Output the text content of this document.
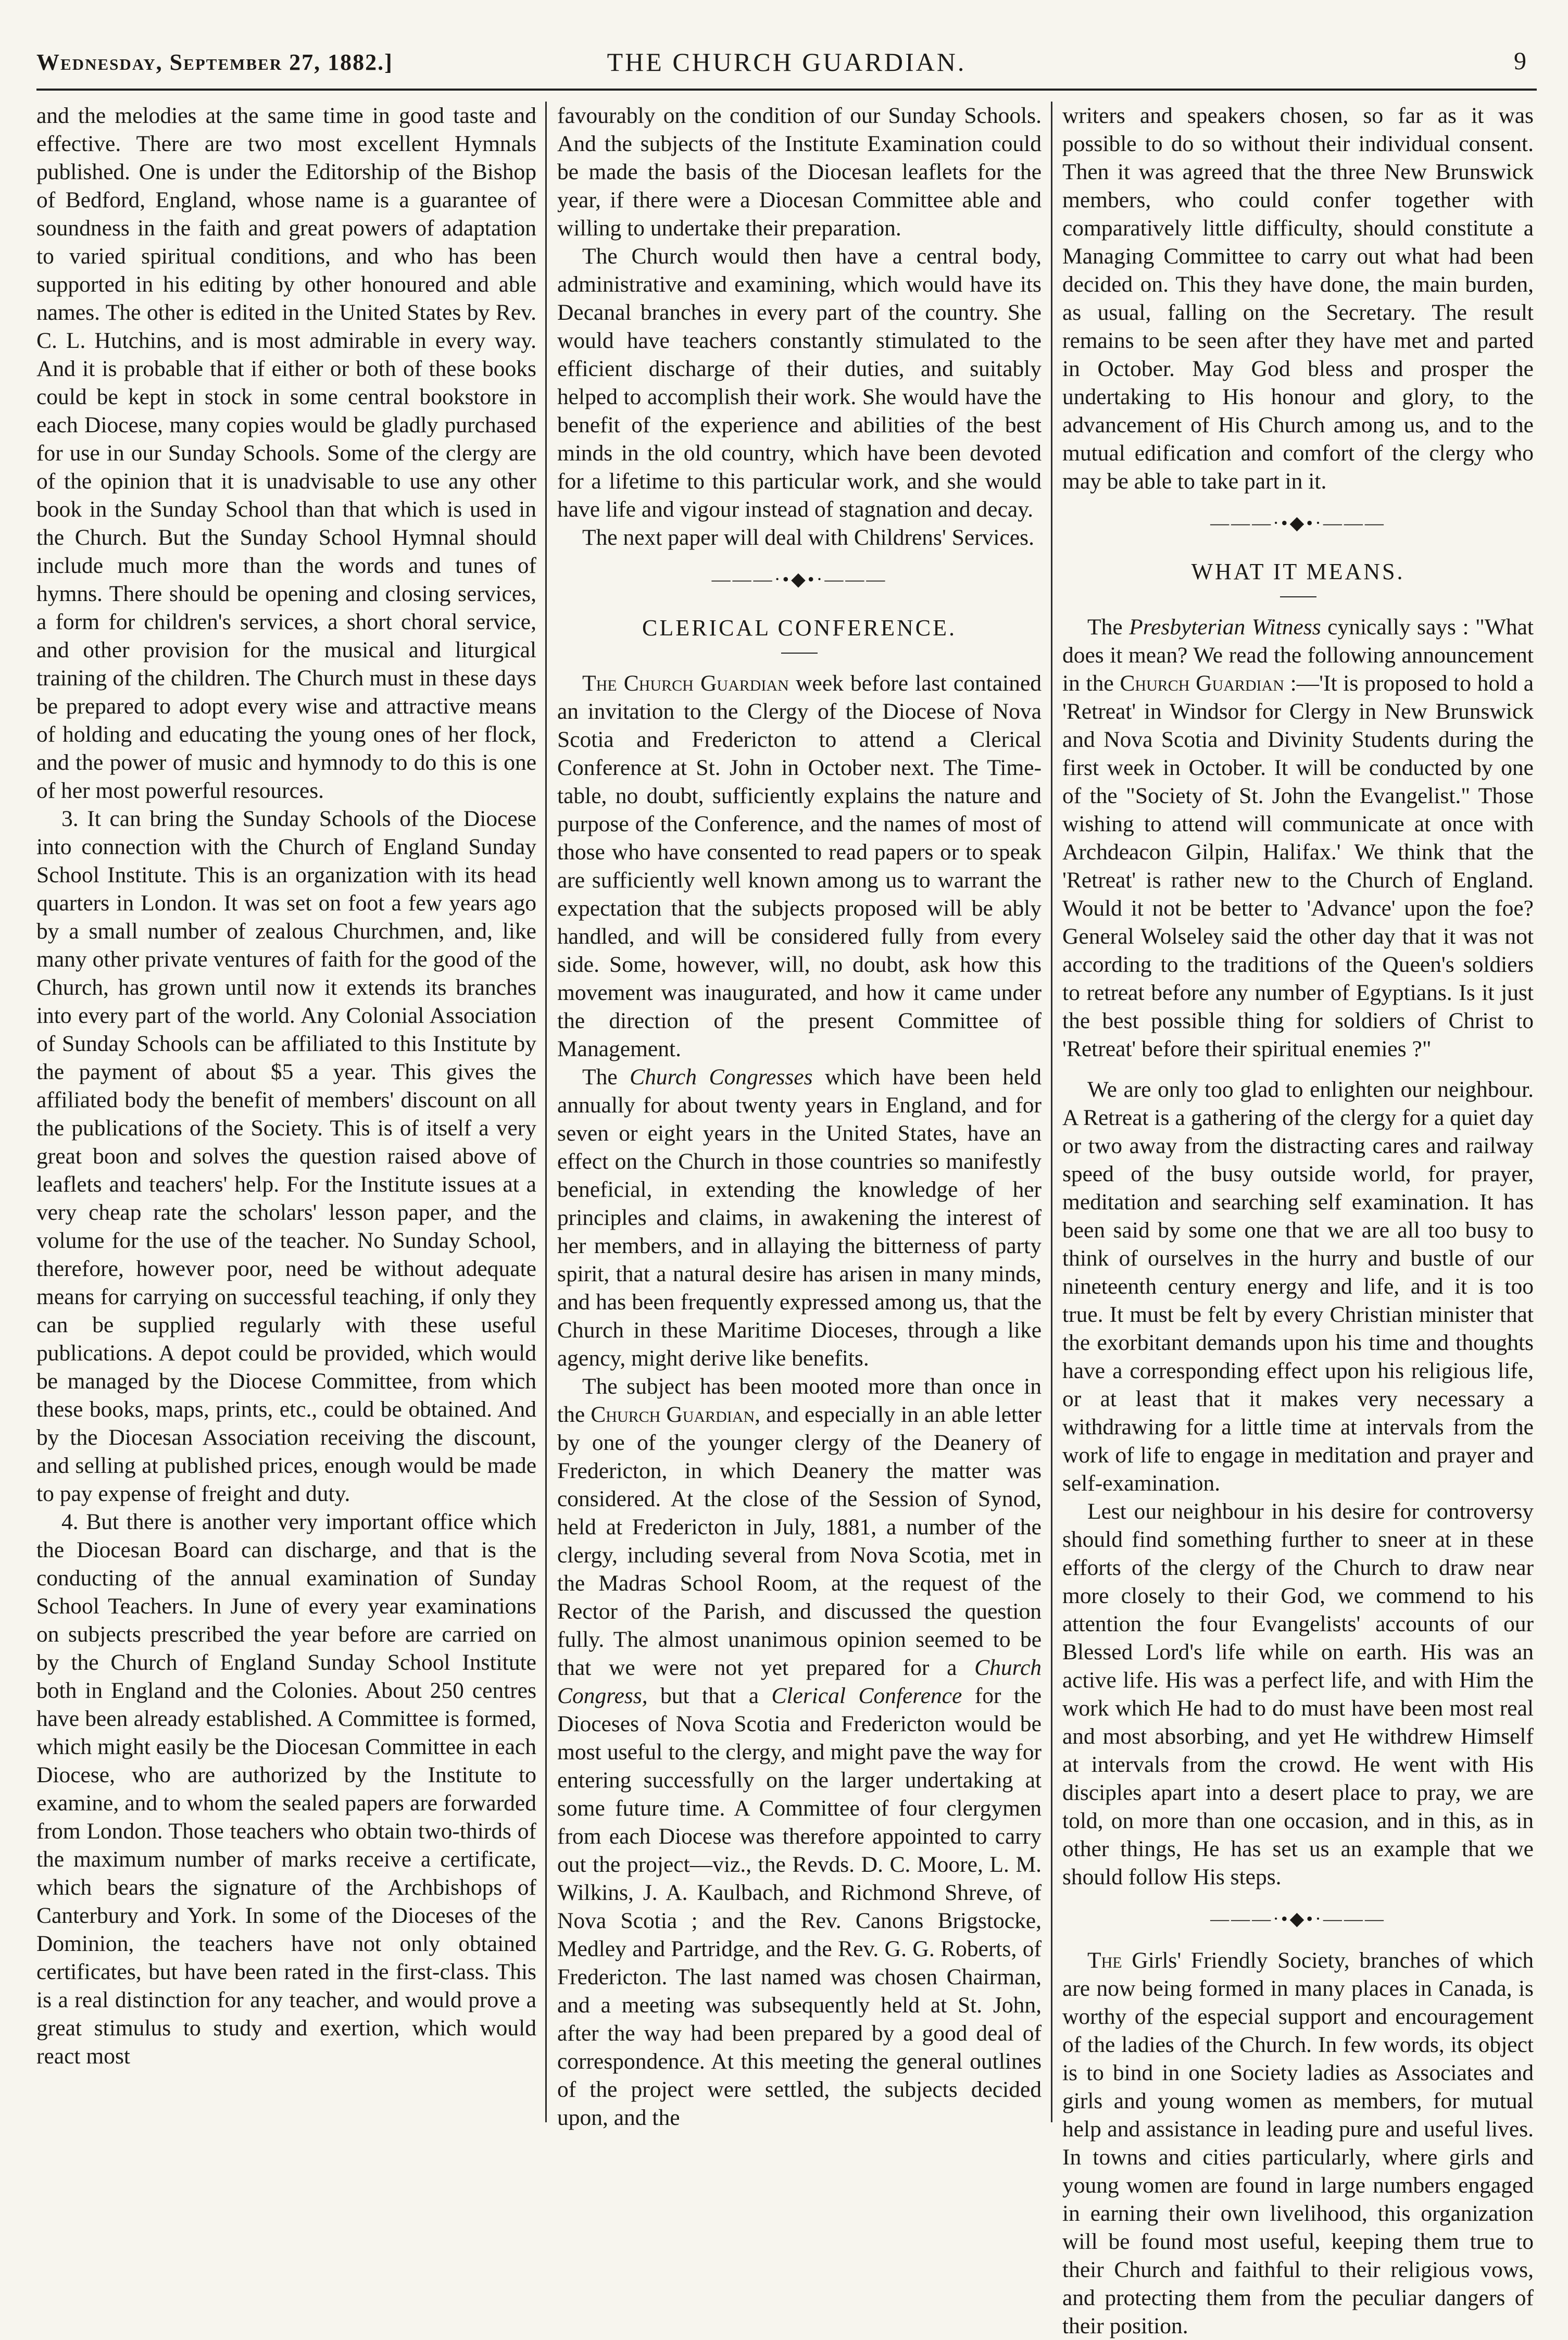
Wednesday, September 27, 1882.]	THE CHURCH GUARDIAN.	9

and the melodies at the same time in good taste and effective. There are two most excellent Hymnals published. One is under the Editorship of the Bishop of Bedford, England, whose name is a guarantee of soundness in the faith and great powers of adaptation to varied spiritual conditions, and who has been supported in his editing by other honoured and able names. The other is edited in the United States by Rev. C. L. Hutchins, and is most admirable in every way. And it is probable that if either or both of these books could be kept in stock in some central bookstore in each Diocese, many copies would be gladly purchased for use in our Sunday Schools. Some of the clergy are of the opinion that it is unadvisable to use any other book in the Sunday School than that which is used in the Church. But the Sunday School Hymnal should include much more than the words and tunes of hymns. There should be opening and closing services, a form for children's services, a short choral service, and other provision for the musical and liturgical training of the children. The Church must in these days be prepared to adopt every wise and attractive means of holding and educating the young ones of her flock, and the power of music and hymnody to do this is one of her most powerful resources.

3. It can bring the Sunday Schools of the Diocese into connection with the Church of England Sunday School Institute. This is an organization with its head quarters in London. It was set on foot a few years ago by a small number of zealous Churchmen, and, like many other private ventures of faith for the good of the Church, has grown until now it extends its branches into every part of the world. Any Colonial Association of Sunday Schools can be affiliated to this Institute by the payment of about $5 a year. This gives the affiliated body the benefit of members' discount on all the publications of the Society. This is of itself a very great boon and solves the question raised above of leaflets and teachers' help. For the Institute issues at a very cheap rate the scholars' lesson paper, and the volume for the use of the teacher. No Sunday School, therefore, however poor, need be without adequate means for carrying on successful teaching, if only they can be supplied regularly with these useful publications. A depot could be provided, which would be managed by the Diocese Committee, from which these books, maps, prints, etc., could be obtained. And by the Diocesan Association receiving the discount, and selling at published prices, enough would be made to pay expense of freight and duty.

4. But there is another very important office which the Diocesan Board can discharge, and that is the conducting of the annual examination of Sunday School Teachers. In June of every year examinations on subjects prescribed the year before are carried on by the Church of England Sunday School Institute both in England and the Colonies. About 250 centres have been already established. A Committee is formed, which might easily be the Diocesan Committee in each Diocese, who are authorized by the Institute to examine, and to whom the sealed papers are forwarded from London. Those teachers who obtain two-thirds of the maximum number of marks receive a certificate, which bears the signature of the Archbishops of Canterbury and York. In some of the Dioceses of the Dominion, the teachers have not only obtained certificates, but have been rated in the first-class. This is a real distinction for any teacher, and would prove a great stimulus to study and exertion, which would react most

favourably on the condition of our Sunday Schools. And the subjects of the Institute Examination could be made the basis of the Diocesan leaflets for the year, if there were a Diocesan Committee able and willing to undertake their preparation.

The Church would then have a central body, administrative and examining, which would have its Decanal branches in every part of the country. She would have teachers constantly stimulated to the efficient discharge of their duties, and suitably helped to accomplish their work. She would have the benefit of the experience and abilities of the best minds in the old country, which have been devoted for a lifetime to this particular work, and she would have life and vigour instead of stagnation and decay.

The next paper will deal with Childrens' Services.

———·•◆•·———
CLERICAL CONFERENCE.

The Church Guardian week before last contained an invitation to the Clergy of the Diocese of Nova Scotia and Fredericton to attend a Clerical Conference at St. John in October next. The Time-table, no doubt, sufficiently explains the nature and purpose of the Conference, and the names of most of those who have consented to read papers or to speak are sufficiently well known among us to warrant the expectation that the subjects proposed will be ably handled, and will be considered fully from every side. Some, however, will, no doubt, ask how this movement was inaugurated, and how it came under the direction of the present Committee of Management.

The Church Congresses which have been held annually for about twenty years in England, and for seven or eight years in the United States, have an effect on the Church in those countries so manifestly beneficial, in extending the knowledge of her principles and claims, in awakening the interest of her members, and in allaying the bitterness of party spirit, that a natural desire has arisen in many minds, and has been frequently expressed among us, that the Church in these Maritime Dioceses, through a like agency, might derive like benefits.

The subject has been mooted more than once in the Church Guardian, and especially in an able letter by one of the younger clergy of the Deanery of Fredericton, in which Deanery the matter was considered. At the close of the Session of Synod, held at Fredericton in July, 1881, a number of the clergy, including several from Nova Scotia, met in the Madras School Room, at the request of the Rector of the Parish, and discussed the question fully. The almost unanimous opinion seemed to be that we were not yet prepared for a Church Congress, but that a Clerical Conference for the Dioceses of Nova Scotia and Fredericton would be most useful to the clergy, and might pave the way for entering successfully on the larger undertaking at some future time. A Committee of four clergymen from each Diocese was therefore appointed to carry out the project—viz., the Revds. D. C. Moore, L. M. Wilkins, J. A. Kaulbach, and Richmond Shreve, of Nova Scotia ; and the Rev. Canons Brigstocke, Medley and Partridge, and the Rev. G. G. Roberts, of Fredericton. The last named was chosen Chairman, and a meeting was subsequently held at St. John, after the way had been prepared by a good deal of correspondence. At this meeting the general outlines of the project were settled, the subjects decided upon, and the

writers and speakers chosen, so far as it was possible to do so without their individual consent. Then it was agreed that the three New Brunswick members, who could confer together with comparatively little difficulty, should constitute a Managing Committee to carry out what had been decided on. This they have done, the main burden, as usual, falling on the Secretary. The result remains to be seen after they have met and parted in October. May God bless and prosper the undertaking to His honour and glory, to the advancement of His Church among us, and to the mutual edification and comfort of the clergy who may be able to take part in it.

———·•◆•·———
WHAT IT MEANS.

The Presbyterian Witness cynically says : "What does it mean? We read the following announcement in the Church Guardian :—'It is proposed to hold a 'Retreat' in Windsor for Clergy in New Brunswick and Nova Scotia and Divinity Students during the first week in October. It will be conducted by one of the "Society of St. John the Evangelist." Those wishing to attend will communicate at once with Archdeacon Gilpin, Halifax.' We think that the 'Retreat' is rather new to the Church of England. Would it not be better to 'Advance' upon the foe? General Wolseley said the other day that it was not according to the traditions of the Queen's soldiers to retreat before any number of Egyptians. Is it just the best possible thing for soldiers of Christ to 'Retreat' before their spiritual enemies ?"

We are only too glad to enlighten our neighbour. A Retreat is a gathering of the clergy for a quiet day or two away from the distracting cares and railway speed of the busy outside world, for prayer, meditation and searching self examination. It has been said by some one that we are all too busy to think of ourselves in the hurry and bustle of our nineteenth century energy and life, and it is too true. It must be felt by every Christian minister that the exorbitant demands upon his time and thoughts have a corresponding effect upon his religious life, or at least that it makes very necessary a withdrawing for a little time at intervals from the work of life to engage in meditation and prayer and self-examination.

Lest our neighbour in his desire for controversy should find something further to sneer at in these efforts of the clergy of the Church to draw near more closely to their God, we commend to his attention the four Evangelists' accounts of our Blessed Lord's life while on earth. His was an active life. His was a perfect life, and with Him the work which He had to do must have been most real and most absorbing, and yet He withdrew Himself at intervals from the crowd. He went with His disciples apart into a desert place to pray, we are told, on more than one occasion, and in this, as in other things, He has set us an example that we should follow His steps.

———·•◆•·———

The Girls' Friendly Society, branches of which are now being formed in many places in Canada, is worthy of the especial support and encouragement of the ladies of the Church. In few words, its object is to bind in one Society ladies as Associates and girls and young women as members, for mutual help and assistance in leading pure and useful lives. In towns and cities particularly, where girls and young women are found in large numbers engaged in earning their own livelihood, this organization will be found most useful, keeping them true to their Church and faithful to their religious vows, and protecting them from the peculiar dangers of their position.
